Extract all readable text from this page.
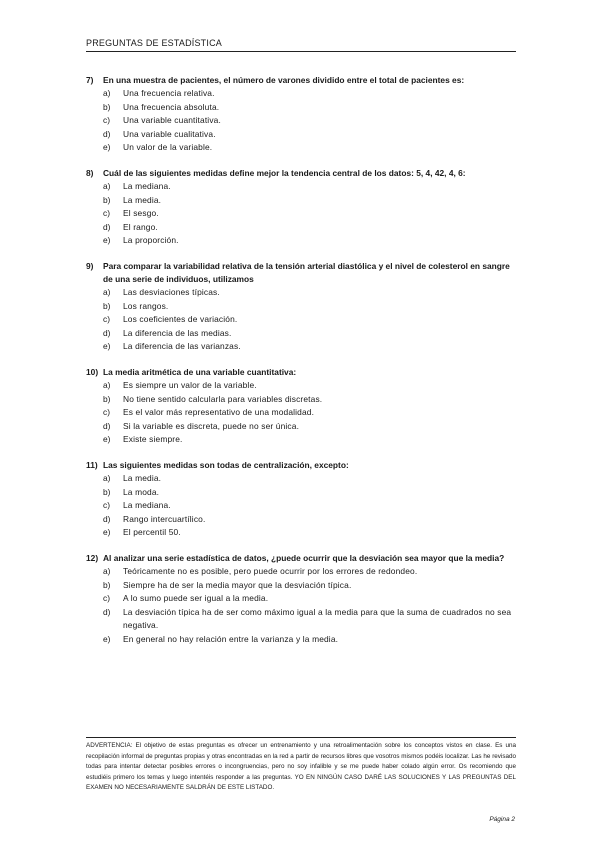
PREGUNTAS DE ESTADÍSTICA
7)	En una muestra de pacientes, el número de varones dividido entre el total de pacientes es:
a)	Una frecuencia relativa.
b)	Una frecuencia absoluta.
c)	Una variable cuantitativa.
d)	Una variable cualitativa.
e)	Un valor de la variable.
8)	Cuál de las siguientes medidas define mejor la tendencia central de los datos: 5, 4, 42, 4, 6:
a)	La mediana.
b)	La media.
c)	El sesgo.
d)	El rango.
e)	La proporción.
9)	Para comparar la variabilidad relativa de la tensión arterial diastólica y el nivel de colesterol en sangre de una serie de individuos, utilizamos
a)	Las desviaciones típicas.
b)	Los rangos.
c)	Los coeficientes de variación.
d)	La diferencia de las medias.
e)	La diferencia de las varianzas.
10) La media aritmética de una variable cuantitativa:
a)	Es siempre un valor de la variable.
b)	No tiene sentido calcularla para variables discretas.
c)	Es el valor más representativo de una modalidad.
d)	Si la variable es discreta, puede no ser única.
e)	Existe siempre.
11) Las siguientes medidas son todas de centralización, excepto:
a)	La media.
b)	La moda.
c)	La mediana.
d)	Rango intercuartílico.
e)	El percentil 50.
12) Al analizar una serie estadística de datos, ¿puede ocurrir que la desviación sea mayor que la media?
a)	Teóricamente no es posible, pero puede ocurrir por los errores de redondeo.
b)	Siempre ha de ser la media mayor que la desviación típica.
c)	A lo sumo puede ser igual a la media.
d)	La desviación típica ha de ser como máximo igual a la media para que la suma de cuadrados no sea negativa.
e)	En general no hay relación entre la varianza y la media.

ADVERTENCIA: El objetivo de estas preguntas es ofrecer un entrenamiento y una retroalimentación sobre los conceptos vistos en clase. Es una recopilación informal de preguntas propias y otras encontradas en la red a partir de recursos libres que vosotros mismos podéis localizar. Las he revisado todas para intentar detectar posibles errores o incongruencias, pero no soy infalible y se me puede haber colado algún error. Os recomiendo que estudiéis primero los temas y luego intentéis responder a las preguntas. YO EN NINGÚN CASO DARÉ LAS SOLUCIONES Y LAS PREGUNTAS DEL EXAMEN NO NECESARIAMENTE SALDRÁN DE ESTE LISTADO.

Página 2
